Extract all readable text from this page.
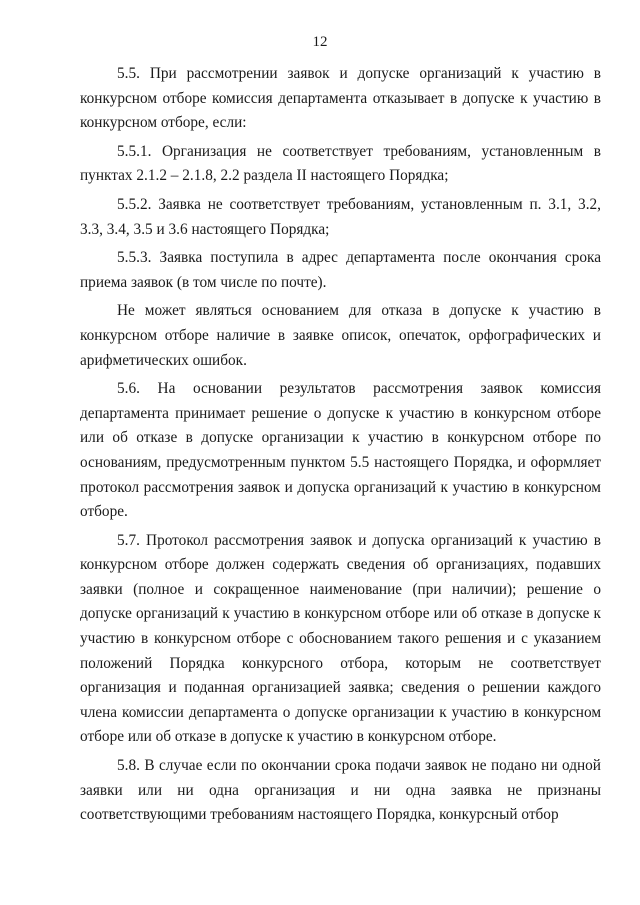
12

5.5. При рассмотрении заявок и допуске организаций к участию в конкурсном отборе комиссия департамента отказывает в допуске к участию в конкурсном отборе, если:

5.5.1. Организация не соответствует требованиям, установленным в пунктах 2.1.2 – 2.1.8, 2.2 раздела II настоящего Порядка;

5.5.2. Заявка не соответствует требованиям, установленным п. 3.1, 3.2, 3.3, 3.4, 3.5 и 3.6 настоящего Порядка;

5.5.3. Заявка поступила в адрес департамента после окончания срока приема заявок (в том числе по почте).

Не может являться основанием для отказа в допуске к участию в конкурсном отборе наличие в заявке описок, опечаток, орфографических и арифметических ошибок.

5.6. На основании результатов рассмотрения заявок комиссия департамента принимает решение о допуске к участию в конкурсном отборе или об отказе в допуске организации к участию в конкурсном отборе по основаниям, предусмотренным пунктом 5.5 настоящего Порядка, и оформляет протокол рассмотрения заявок и допуска организаций к участию в конкурсном отборе.

5.7. Протокол рассмотрения заявок и допуска организаций к участию в конкурсном отборе должен содержать сведения об организациях, подавших заявки (полное и сокращенное наименование (при наличии); решение о допуске организаций к участию в конкурсном отборе или об отказе в допуске к участию в конкурсном отборе с обоснованием такого решения и с указанием положений Порядка конкурсного отбора, которым не соответствует организация и поданная организацией заявка; сведения о решении каждого члена комиссии департамента о допуске организации к участию в конкурсном отборе или об отказе в допуске к участию в конкурсном отборе.

5.8. В случае если по окончании срока подачи заявок не подано ни одной заявки или ни одна организация и ни одна заявка не признаны соответствующими требованиям настоящего Порядка, конкурсный отбор
